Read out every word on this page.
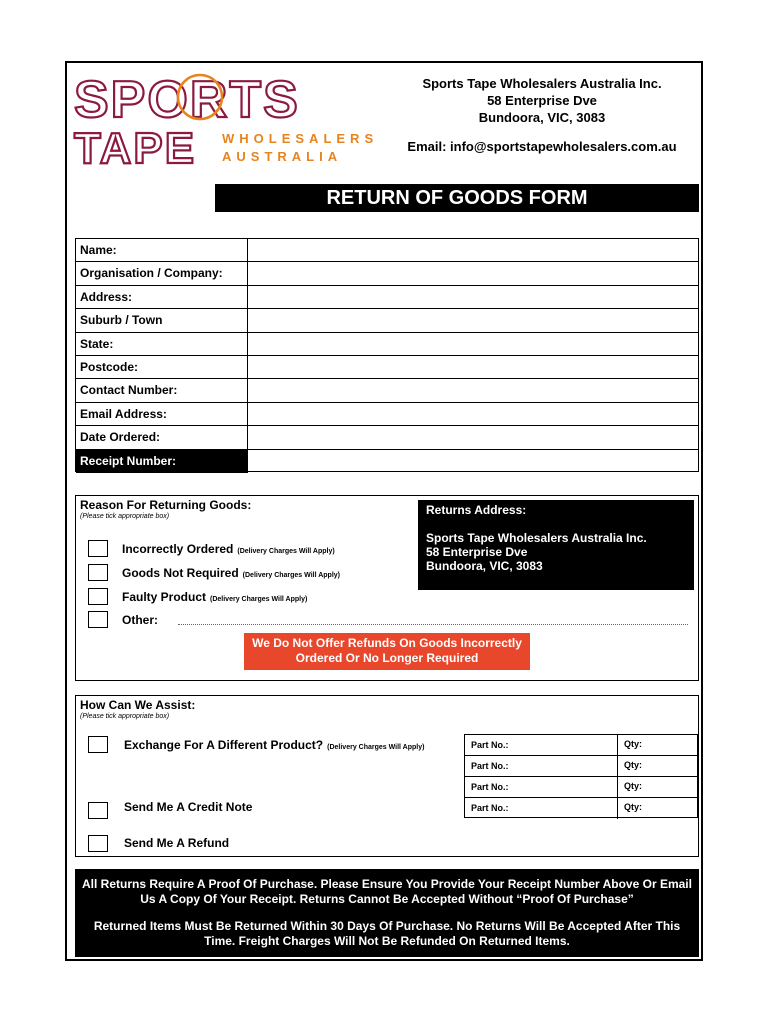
SPORTS
TAPE WHOLESALERS
AUSTRALIA
Sports Tape Wholesalers Australia Inc.
58 Enterprise Dve
Bundoora, VIC, 3083
Email: info@sportstapewholesalers.com.au
RETURN OF GOODS FORM
Name:
Organisation / Company:
Address:
Suburb / Town
State:
Postcode:
Contact Number:
Email Address:
Date Ordered:
Receipt Number:
Reason For Returning Goods:
(Please tick appropriate box)
Incorrectly Ordered (Delivery Charges Will Apply)
Goods Not Required (Delivery Charges Will Apply)
Faulty Product (Delivery Charges Will Apply)
Other:
Returns Address:
Sports Tape Wholesalers Australia Inc.
58 Enterprise Dve
Bundoora, VIC, 3083
We Do Not Offer Refunds On Goods Incorrectly Ordered Or No Longer Required
How Can We Assist:
(Please tick appropriate box)
Exchange For A Different Product? (Delivery Charges Will Apply)	Part No.:	Qty:
Part No.:	Qty:
Part No.:	Qty:
Part No.:	Qty:
Send Me A Credit Note
Send Me A Refund

All Returns Require A Proof Of Purchase. Please Ensure You Provide Your Receipt Number Above Or Email Us A Copy Of Your Receipt. Returns Cannot Be Accepted Without “Proof Of Purchase”

Returned Items Must Be Returned Within 30 Days Of Purchase. No Returns Will Be Accepted After This Time. Freight Charges Will Not Be Refunded On Returned Items.
